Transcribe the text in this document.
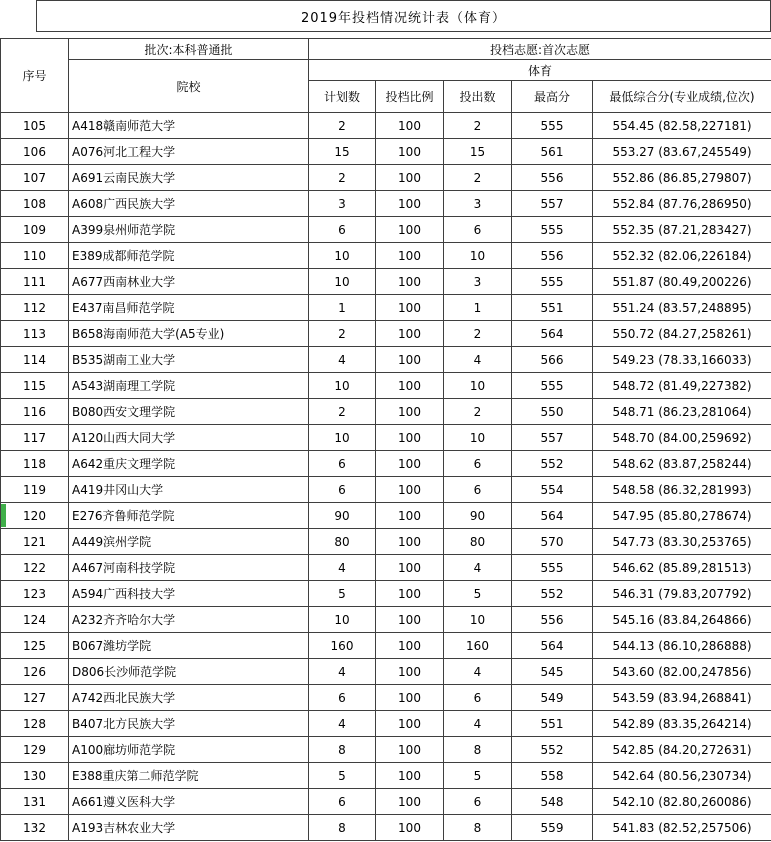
2019年投档情况统计表（体育）
序号	批次:本科普通批	投档志愿:首次志愿				
	院校	体育				
		计划数	投档比例	投出数	最高分	最低综合分(专业成绩,位次)
105	A418赣南师范大学	2	100	2	555	554.45 (82.58,227181)
106	A076河北工程大学	15	100	15	561	553.27 (83.67,245549)
107	A691云南民族大学	2	100	2	556	552.86 (86.85,279807)
108	A608广西民族大学	3	100	3	557	552.84 (87.76,286950)
109	A399泉州师范学院	6	100	6	555	552.35 (87.21,283427)
110	E389成都师范学院	10	100	10	556	552.32 (82.06,226184)
111	A677西南林业大学	10	100	3	555	551.87 (80.49,200226)
112	E437南昌师范学院	1	100	1	551	551.24 (83.57,248895)
113	B658海南师范大学(A5专业)	2	100	2	564	550.72 (84.27,258261)
114	B535湖南工业大学	4	100	4	566	549.23 (78.33,166033)
115	A543湖南理工学院	10	100	10	555	548.72 (81.49,227382)
116	B080西安文理学院	2	100	2	550	548.71 (86.23,281064)
117	A120山西大同大学	10	100	10	557	548.70 (84.00,259692)
118	A642重庆文理学院	6	100	6	552	548.62 (83.87,258244)
119	A419井冈山大学	6	100	6	554	548.58 (86.32,281993)
120	E276齐鲁师范学院	90	100	90	564	547.95 (85.80,278674)
121	A449滨州学院	80	100	80	570	547.73 (83.30,253765)
122	A467河南科技学院	4	100	4	555	546.62 (85.89,281513)
123	A594广西科技大学	5	100	5	552	546.31 (79.83,207792)
124	A232齐齐哈尔大学	10	100	10	556	545.16 (83.84,264866)
125	B067潍坊学院	160	100	160	564	544.13 (86.10,286888)
126	D806长沙师范学院	4	100	4	545	543.60 (82.00,247856)
127	A742西北民族大学	6	100	6	549	543.59 (83.94,268841)
128	B407北方民族大学	4	100	4	551	542.89 (83.35,264214)
129	A100廊坊师范学院	8	100	8	552	542.85 (84.20,272631)
130	E388重庆第二师范学院	5	100	5	558	542.64 (80.56,230734)
131	A661遵义医科大学	6	100	6	548	542.10 (82.80,260086)
132	A193吉林农业大学	8	100	8	559	541.83 (82.52,257506)
